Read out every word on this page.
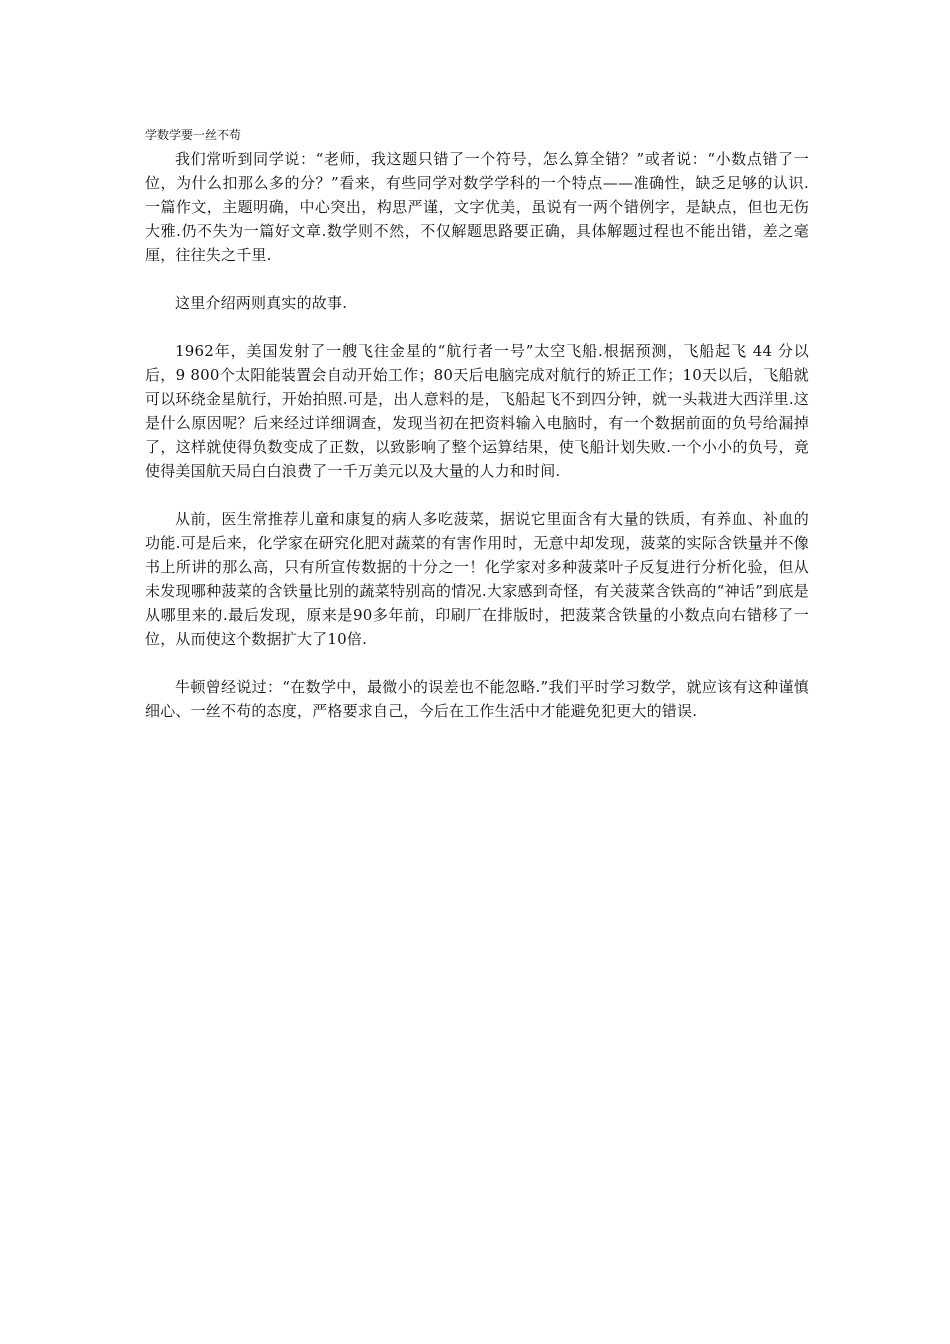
学数学要一丝不苟

我们常听到同学说：“老师，我这题只错了一个符号，怎么算全错？”或者说：“小数点错了一位，为什么扣那么多的分？”看来，有些同学对数学学科的一个特点——准确性，缺乏足够的认识.一篇作文，主题明确，中心突出，构思严谨，文字优美，虽说有一两个错例字，是缺点，但也无伤大雅.仍不失为一篇好文章.数学则不然，不仅解题思路要正确，具体解题过程也不能出错，差之毫厘，往往失之千里.

这里介绍两则真实的故事.

1962年，美国发射了一艘飞往金星的“航行者一号”太空飞船.根据预测，飞船起飞 44 分以后，9 800个太阳能装置会自动开始工作；80天后电脑完成对航行的矫正工作；10天以后，飞船就可以环绕金星航行，开始拍照.可是，出人意料的是，飞船起飞不到四分钟，就一头栽进大西洋里.这是什么原因呢？后来经过详细调查，发现当初在把资料输入电脑时，有一个数据前面的负号给漏掉了，这样就使得负数变成了正数，以致影响了整个运算结果，使飞船计划失败.一个小小的负号，竟使得美国航天局白白浪费了一千万美元以及大量的人力和时间.

从前，医生常推荐儿童和康复的病人多吃菠菜，据说它里面含有大量的铁质，有养血、补血的功能.可是后来，化学家在研究化肥对蔬菜的有害作用时，无意中却发现，菠菜的实际含铁量并不像书上所讲的那么高，只有所宣传数据的十分之一！化学家对多种菠菜叶子反复进行分析化验，但从未发现哪种菠菜的含铁量比别的蔬菜特别高的情况.大家感到奇怪，有关菠菜含铁高的“神话”到底是从哪里来的.最后发现，原来是90多年前，印刷厂在排版时，把菠菜含铁量的小数点向右错移了一位，从而使这个数据扩大了10倍.

牛顿曾经说过：“在数学中，最微小的误差也不能忽略.”我们平时学习数学，就应该有这种谨慎细心、一丝不苟的态度，严格要求自己，今后在工作生活中才能避免犯更大的错误.
